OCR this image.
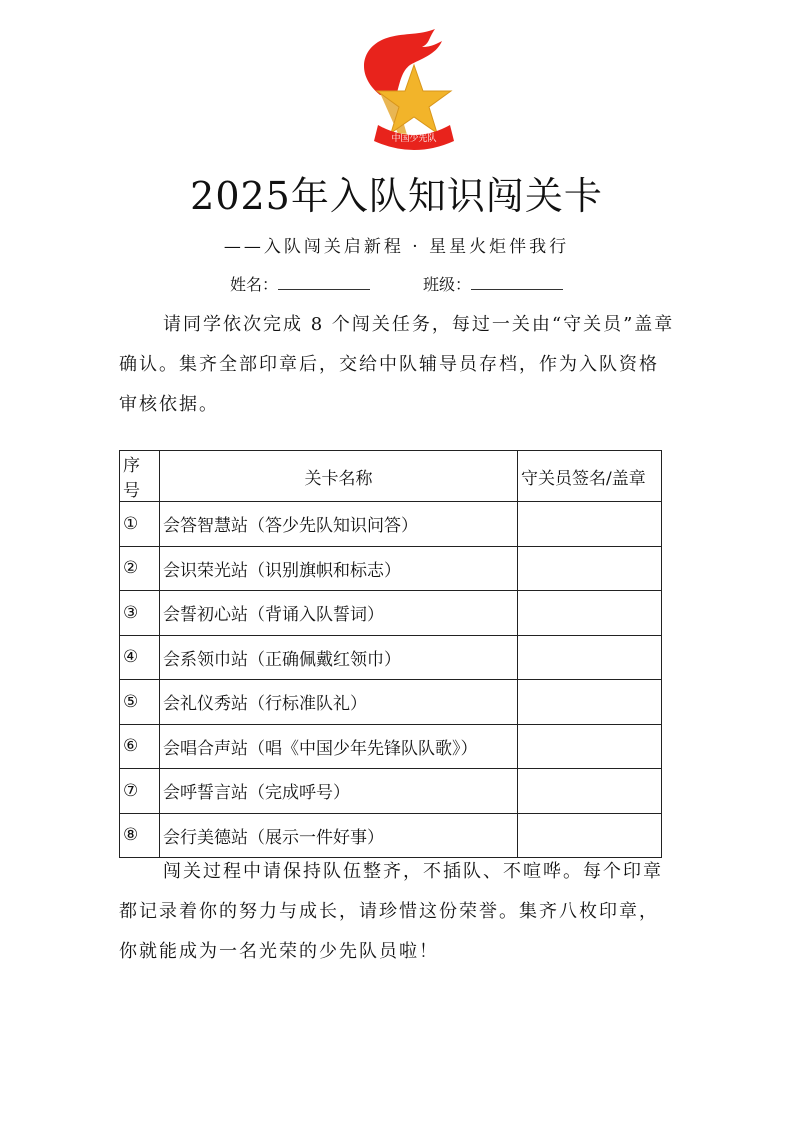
中国少先队
2025年入队知识闯关卡
——入队闯关启新程 · 星星火炬伴我行
姓名：	班级：
请同学依次完成 8 个闯关任务，每过一关由“守关员”盖章确认。集齐全部印章后，交给中队辅导员存档，作为入队资格审核依据。
序号	关卡名称	守关员签名/盖章
①	会答智慧站（答少先队知识问答）	
②	会识荣光站（识别旗帜和标志）	
③	会誓初心站（背诵入队誓词）	
④	会系领巾站（正确佩戴红领巾）	
⑤	会礼仪秀站（行标准队礼）	
⑥	会唱合声站（唱《中国少年先锋队队歌》）	
⑦	会呼誓言站（完成呼号）	
⑧	会行美德站（展示一件好事）	
闯关过程中请保持队伍整齐，不插队、不喧哗。每个印章都记录着你的努力与成长，请珍惜这份荣誉。集齐八枚印章，你就能成为一名光荣的少先队员啦！
